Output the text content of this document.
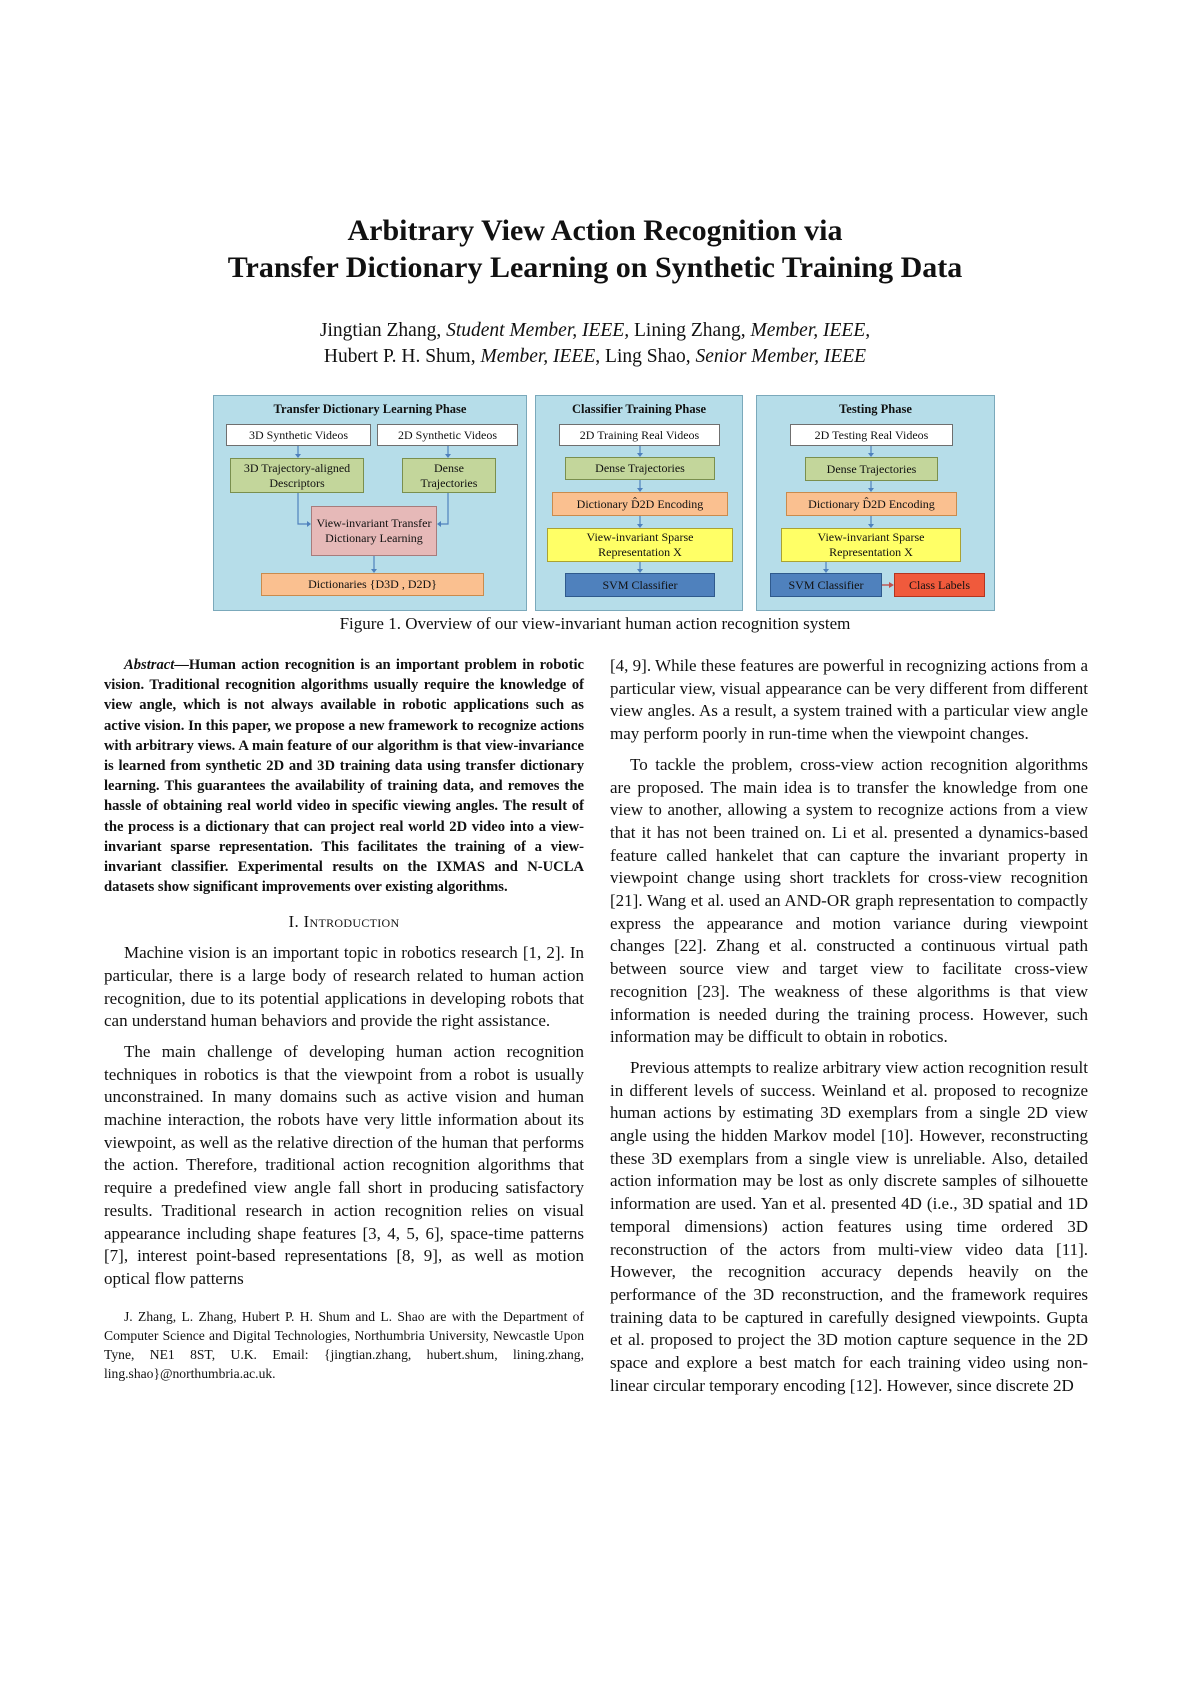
Arbitrary View Action Recognition via
Transfer Dictionary Learning on Synthetic Training Data
Jingtian Zhang, Student Member, IEEE, Lining Zhang, Member, IEEE,
Hubert P. H. Shum, Member, IEEE, Ling Shao, Senior Member, IEEE
Transfer Dictionary Learning Phase
3D Synthetic Videos	2D Synthetic Videos
3D Trajectory-aligned Descriptors
Dense Trajectories
View-invariant Transfer Dictionary Learning
Dictionaries {D3D , D2D}
Classifier Training Phase
2D Training Real Videos
Dense Trajectories
Dictionary D̂2D Encoding
View-invariant Sparse Representation X
SVM Classifier
Testing Phase
2D Testing Real Videos
Dense Trajectories
Dictionary D̂2D Encoding
View-invariant Sparse Representation X
SVM Classifier	Class Labels
Figure 1. Overview of our view-invariant human action recognition system

Abstract—Human action recognition is an important problem in robotic vision. Traditional recognition algorithms usually require the knowledge of view angle, which is not always available in robotic applications such as active vision. In this paper, we propose a new framework to recognize actions with arbitrary views. A main feature of our algorithm is that view-invariance is learned from synthetic 2D and 3D training data using transfer dictionary learning. This guarantees the availability of training data, and removes the hassle of obtaining real world video in specific viewing angles. The result of the process is a dictionary that can project real world 2D video into a view-invariant sparse representation. This facilitates the training of a view-invariant classifier. Experimental results on the IXMAS and N-UCLA datasets show significant improvements over existing algorithms.

I. Introduction

Machine vision is an important topic in robotics research [1, 2]. In particular, there is a large body of research related to human action recognition, due to its potential applications in developing robots that can understand human behaviors and provide the right assistance.

The main challenge of developing human action recognition techniques in robotics is that the viewpoint from a robot is usually unconstrained. In many domains such as active vision and human machine interaction, the robots have very little information about its viewpoint, as well as the relative direction of the human that performs the action. Therefore, traditional action recognition algorithms that require a predefined view angle fall short in producing satisfactory results. Traditional research in action recognition relies on visual appearance including shape features [3, 4, 5, 6], space-time patterns [7], interest point-based representations [8, 9], as well as motion optical flow patterns

J. Zhang, L. Zhang, Hubert P. H. Shum and L. Shao are with the Department of Computer Science and Digital Technologies, Northumbria University, Newcastle Upon Tyne, NE1 8ST, U.K. Email: {jingtian.zhang, hubert.shum, lining.zhang, ling.shao}@northumbria.ac.uk.

[4, 9]. While these features are powerful in recognizing actions from a particular view, visual appearance can be very different from different view angles. As a result, a system trained with a particular view angle may perform poorly in run-time when the viewpoint changes.

To tackle the problem, cross-view action recognition algorithms are proposed. The main idea is to transfer the knowledge from one view to another, allowing a system to recognize actions from a view that it has not been trained on. Li et al. presented a dynamics-based feature called hankelet that can capture the invariant property in viewpoint change using short tracklets for cross-view recognition [21]. Wang et al. used an AND-OR graph representation to compactly express the appearance and motion variance during viewpoint changes [22]. Zhang et al. constructed a continuous virtual path between source view and target view to facilitate cross-view recognition [23]. The weakness of these algorithms is that view information is needed during the training process. However, such information may be difficult to obtain in robotics.

Previous attempts to realize arbitrary view action recognition result in different levels of success. Weinland et al. proposed to recognize human actions by estimating 3D exemplars from a single 2D view angle using the hidden Markov model [10]. However, reconstructing these 3D exemplars from a single view is unreliable. Also, detailed action information may be lost as only discrete samples of silhouette information are used. Yan et al. presented 4D (i.e., 3D spatial and 1D temporal dimensions) action features using time ordered 3D reconstruction of the actors from multi-view video data [11]. However, the recognition accuracy depends heavily on the performance of the 3D reconstruction, and the framework requires training data to be captured in carefully designed viewpoints. Gupta et al. proposed to project the 3D motion capture sequence in the 2D space and explore a best match for each training video using non-linear circular temporary encoding [12]. However, since discrete 2D
